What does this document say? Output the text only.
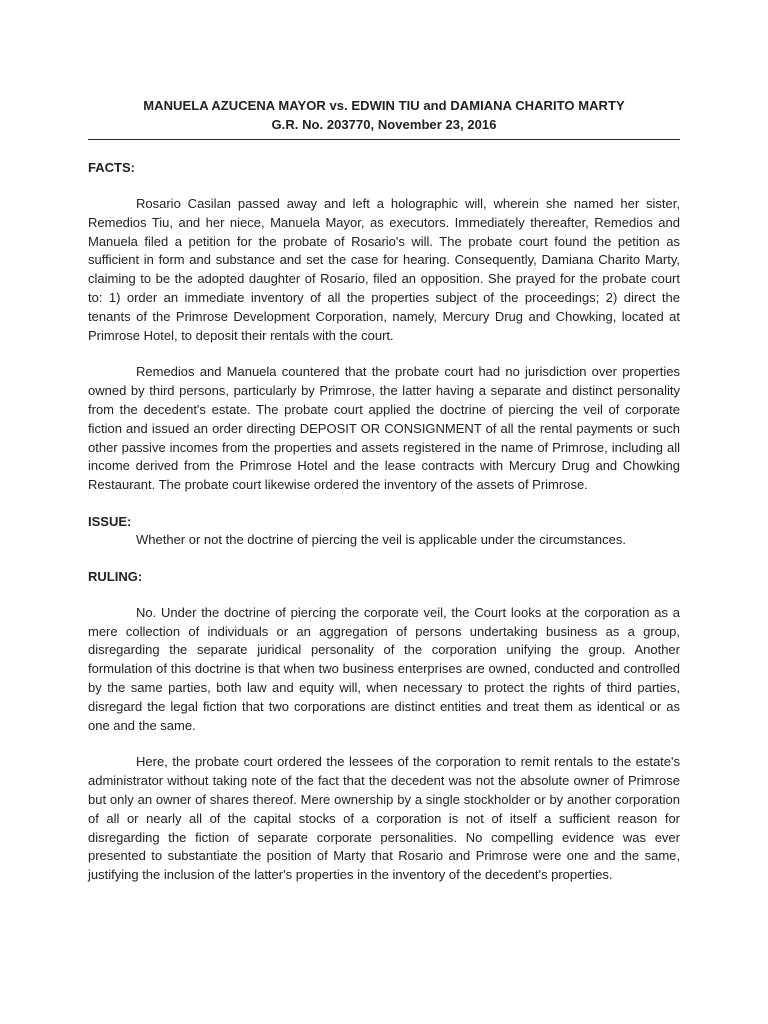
MANUELA AZUCENA MAYOR vs. EDWIN TIU and DAMIANA CHARITO MARTY
G.R. No. 203770, November 23, 2016
FACTS:

Rosario Casilan passed away and left a holographic will, wherein she named her sister, Remedios Tiu, and her niece, Manuela Mayor, as executors. Immediately thereafter, Remedios and Manuela filed a petition for the probate of Rosario's will. The probate court found the petition as sufficient in form and substance and set the case for hearing. Consequently, Damiana Charito Marty, claiming to be the adopted daughter of Rosario, filed an opposition. She prayed for the probate court to: 1) order an immediate inventory of all the properties subject of the proceedings; 2) direct the tenants of the Primrose Development Corporation, namely, Mercury Drug and Chowking, located at Primrose Hotel, to deposit their rentals with the court.

Remedios and Manuela countered that the probate court had no jurisdiction over properties owned by third persons, particularly by Primrose, the latter having a separate and distinct personality from the decedent's estate. The probate court applied the doctrine of piercing the veil of corporate fiction and issued an order directing DEPOSIT OR CONSIGNMENT of all the rental payments or such other passive incomes from the properties and assets registered in the name of Primrose, including all income derived from the Primrose Hotel and the lease contracts with Mercury Drug and Chowking Restaurant. The probate court likewise ordered the inventory of the assets of Primrose.

ISSUE:

Whether or not the doctrine of piercing the veil is applicable under the circumstances.

RULING:

No. Under the doctrine of piercing the corporate veil, the Court looks at the corporation as a mere collection of individuals or an aggregation of persons undertaking business as a group, disregarding the separate juridical personality of the corporation unifying the group. Another formulation of this doctrine is that when two business enterprises are owned, conducted and controlled by the same parties, both law and equity will, when necessary to protect the rights of third parties, disregard the legal fiction that two corporations are distinct entities and treat them as identical or as one and the same.

Here, the probate court ordered the lessees of the corporation to remit rentals to the estate's administrator without taking note of the fact that the decedent was not the absolute owner of Primrose but only an owner of shares thereof. Mere ownership by a single stockholder or by another corporation of all or nearly all of the capital stocks of a corporation is not of itself a sufficient reason for disregarding the fiction of separate corporate personalities. No compelling evidence was ever presented to substantiate the position of Marty that Rosario and Primrose were one and the same, justifying the inclusion of the latter's properties in the inventory of the decedent's properties.
